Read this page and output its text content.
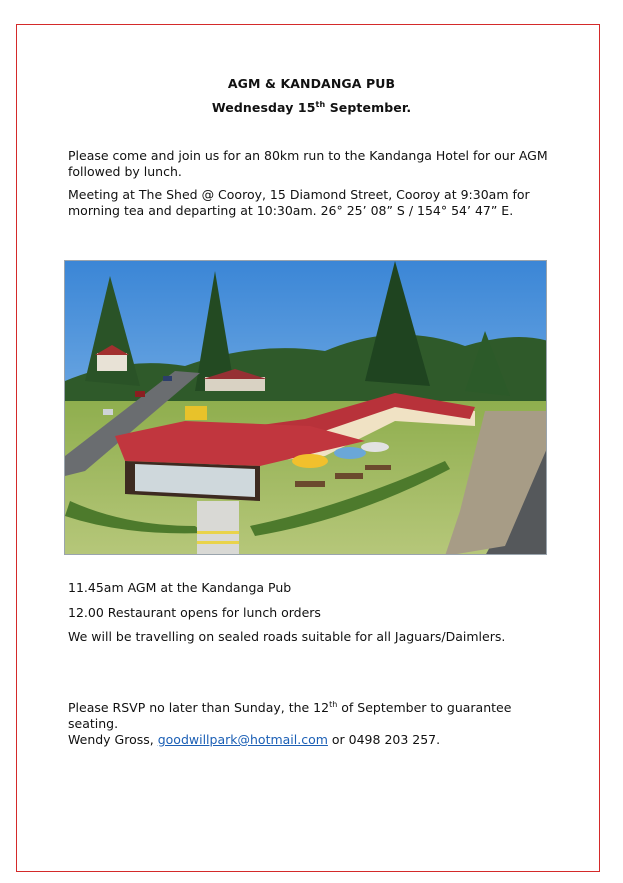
AGM & KANDANGA PUB
Wednesday 15th September.
Please come and join us for an 80km run to the Kandanga Hotel for our AGM followed by lunch.
Meeting at The Shed @ Cooroy, 15 Diamond Street, Cooroy at 9:30am for morning tea and departing at 10:30am. 26° 25’ 08” S / 154° 54’ 47” E.
11.45am AGM at the Kandanga Pub
12.00 Restaurant opens for lunch orders
We will be travelling on sealed roads suitable for all Jaguars/Daimlers.
Please RSVP no later than Sunday, the 12th of September to guarantee seating.
Wendy Gross, goodwillpark@hotmail.com or 0498 203 257.
